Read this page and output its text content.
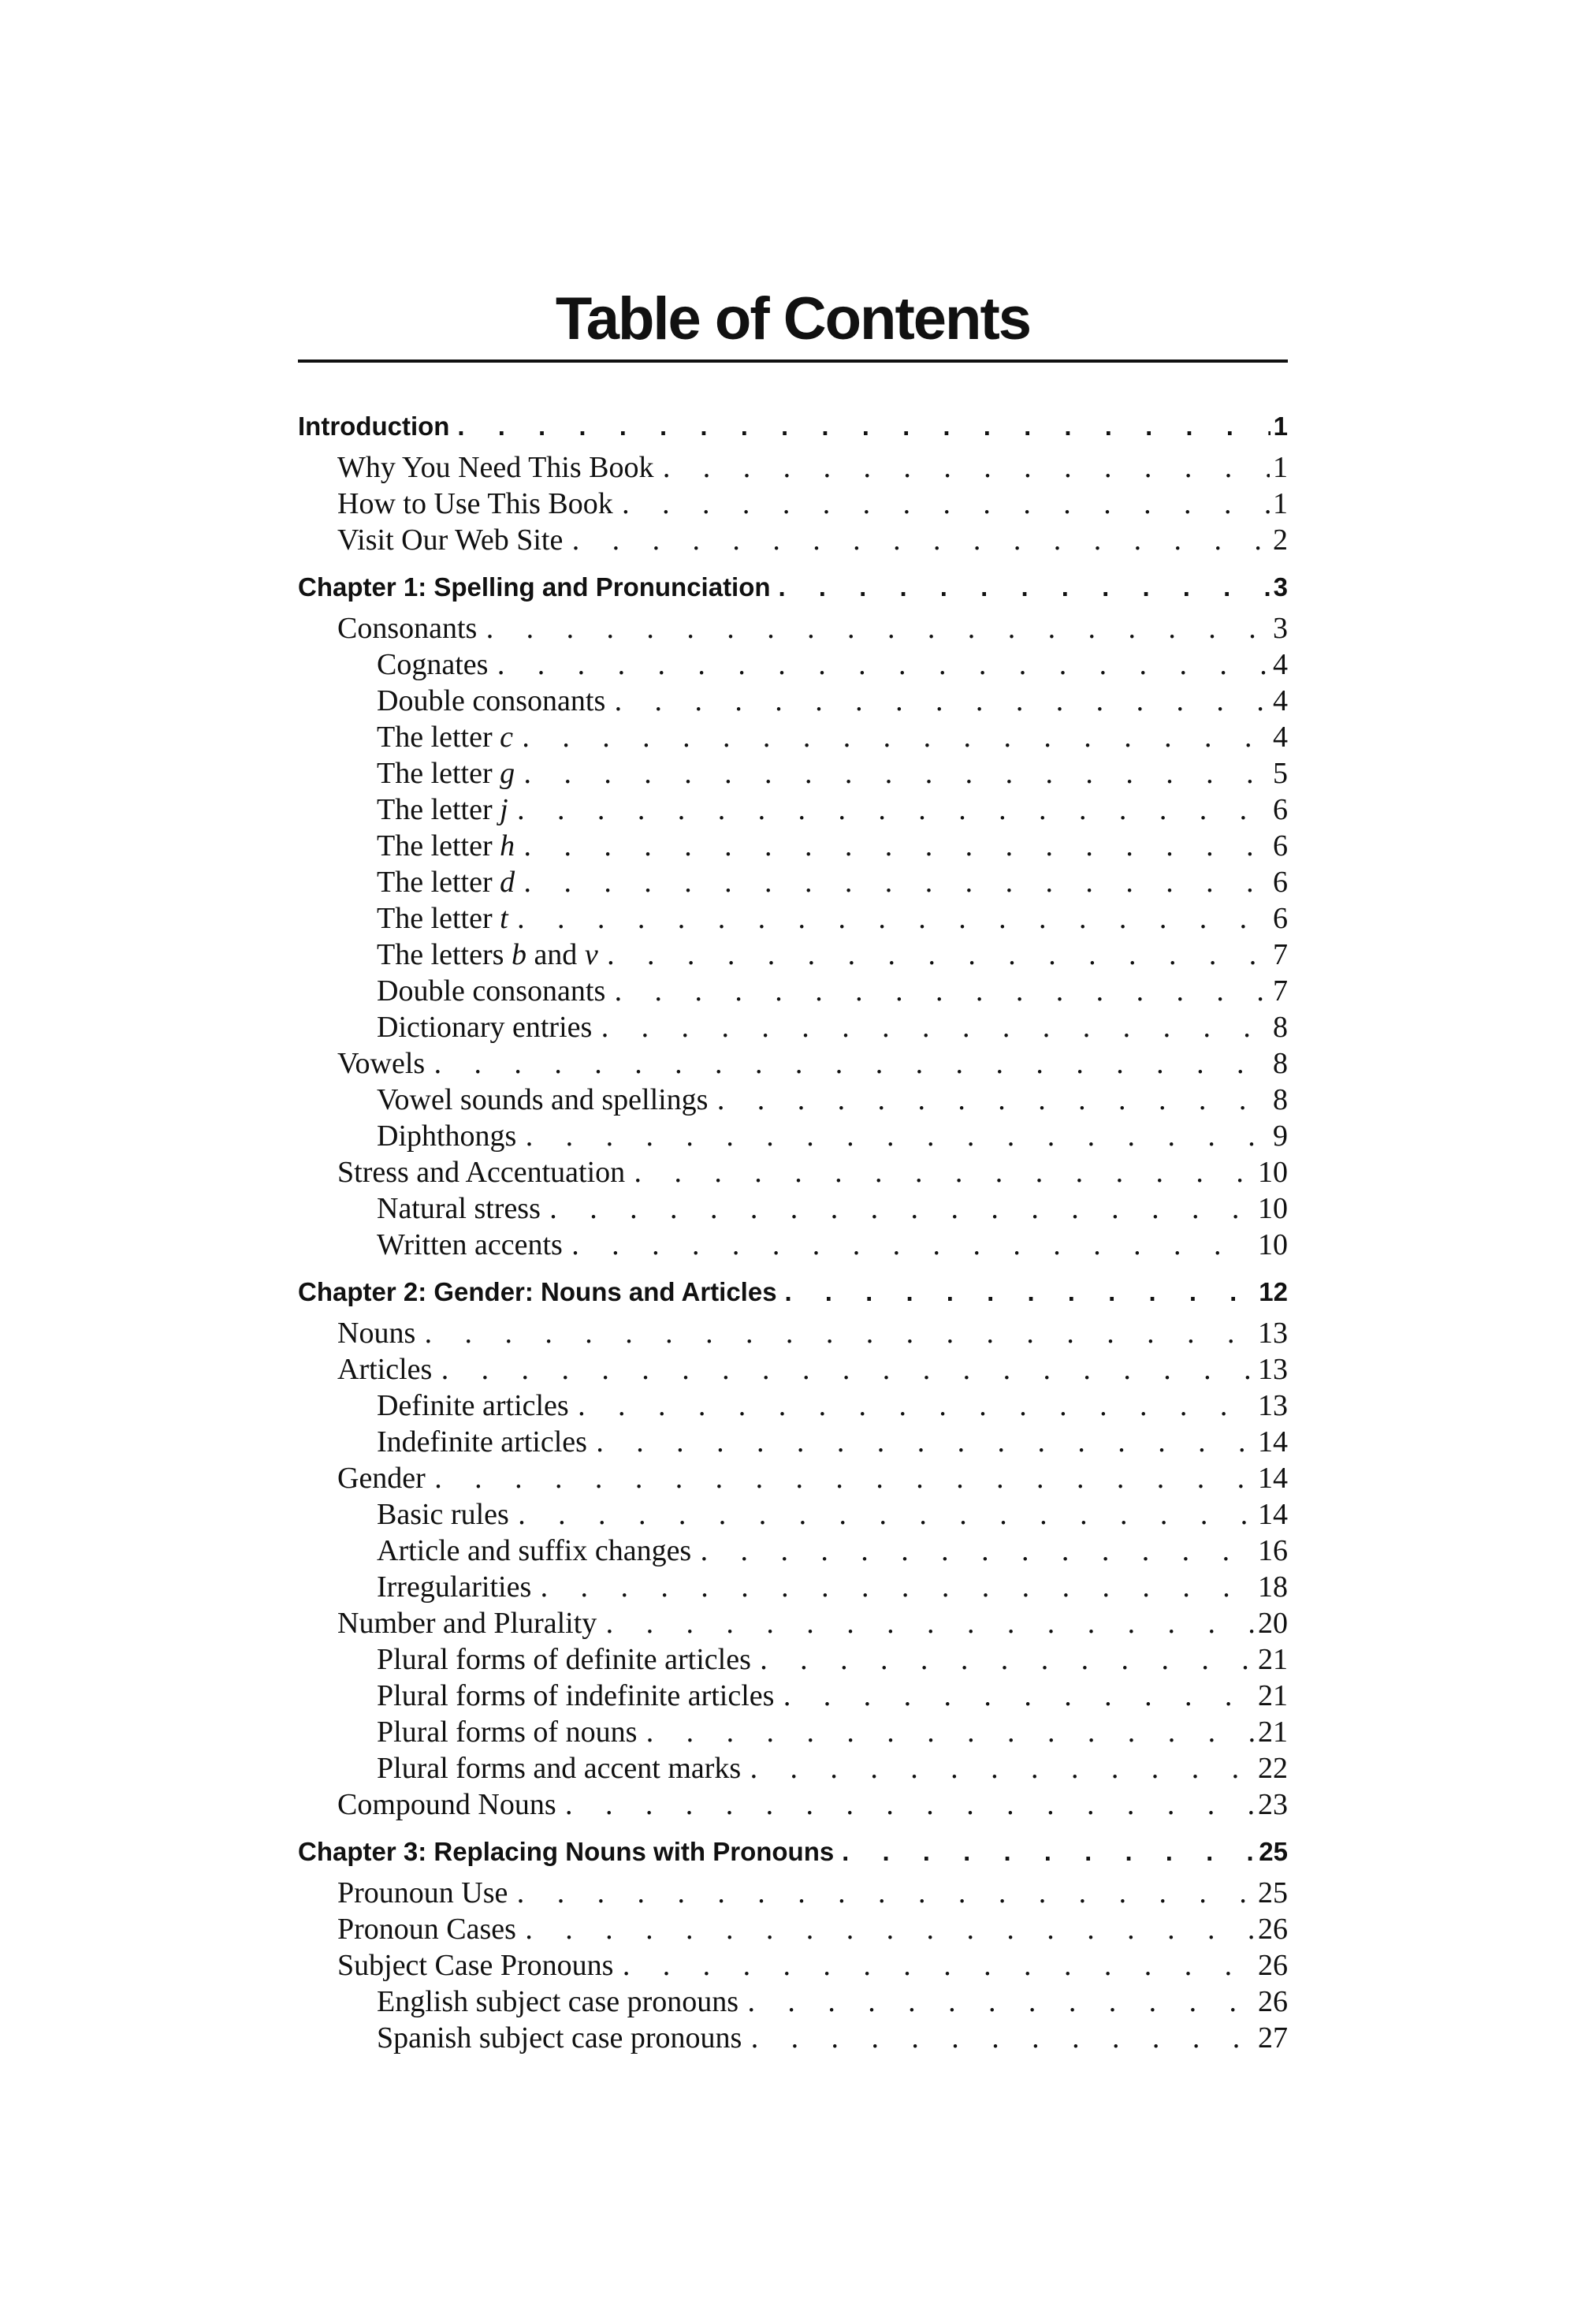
Table of Contents
Introduction . . .	1
Why You Need This Book . . .	1
How to Use This Book . . .	1
Visit Our Web Site . . .	2
Chapter 1: Spelling and Pronunciation . . .	3
Consonants . . .	3
Cognates . . .	4
Double consonants . . .	4
The letter c . . .	4
The letter g . . .	5
The letter j . . .	6
The letter h . . .	6
The letter d . . .	6
The letter t . . .	6
The letters b and v . . .	7
Double consonants . . .	7
Dictionary entries . . .	8
Vowels . . .	8
Vowel sounds and spellings . . .	8
Diphthongs . . .	9
Stress and Accentuation . . .	10
Natural stress . . .	10
Written accents . . .	10
Chapter 2: Gender: Nouns and Articles . . .	12
Nouns . . .	13
Articles . . .	13
Definite articles . . .	13
Indefinite articles . . .	14
Gender . . .	14
Basic rules . . .	14
Article and suffix changes . . .	16
Irregularities . . .	18
Number and Plurality . . .	20
Plural forms of definite articles . . .	21
Plural forms of indefinite articles . . .	21
Plural forms of nouns . . .	21
Plural forms and accent marks . . .	22
Compound Nouns . . .	23
Chapter 3: Replacing Nouns with Pronouns . . .	25
Prounoun Use . . .	25
Pronoun Cases . . .	26
Subject Case Pronouns . . .	26
English subject case pronouns . . .	26
Spanish subject case pronouns . . .	27
